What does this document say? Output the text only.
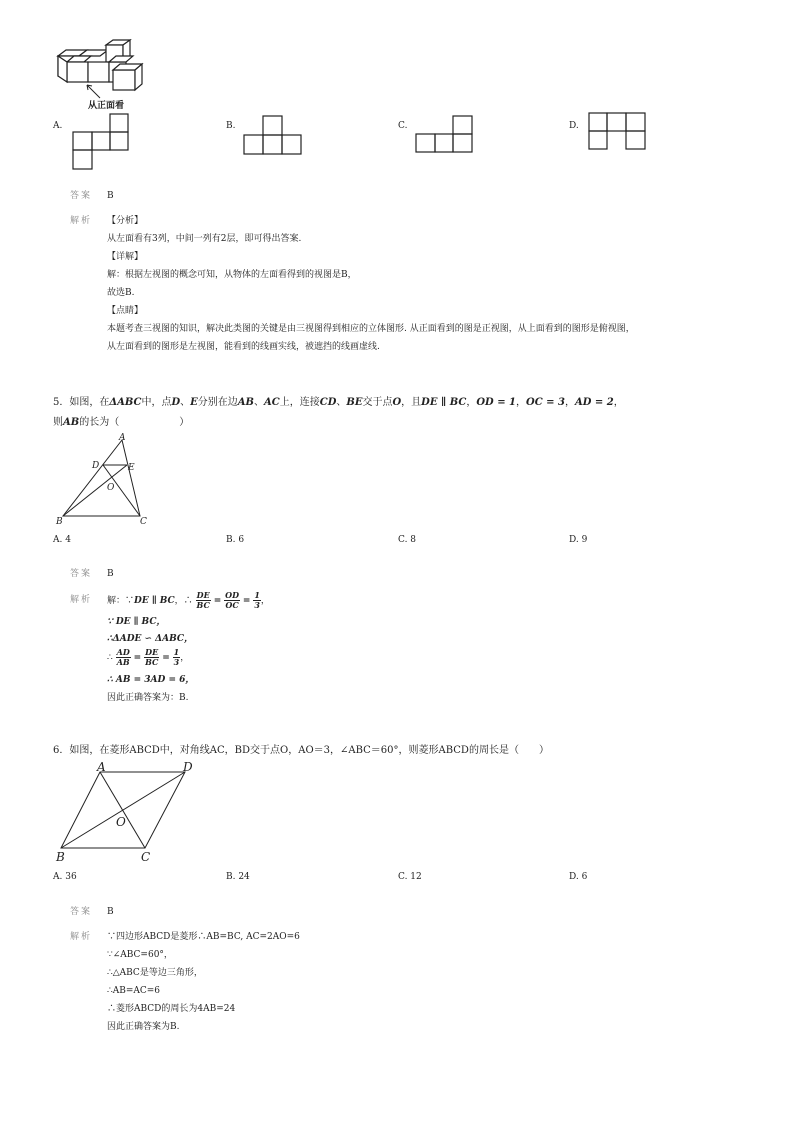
从正面看
A.	B.	C.	D.
答案 B
解析 【分析】
从左面看有3列，中间一列有2层，即可得出答案.
【详解】
解：根据左视图的概念可知，从物体的左面看得到的视图是B，
故选B.
【点睛】
本题考查三视图的知识，解决此类图的关键是由三视图得到相应的立体图形. 从正面看到的图是正视图，从上面看到的图形是俯视图，
从左面看到的图形是左视图，能看到的线画实线，被遮挡的线画虚线.
5．如图，在ΔABC中，点D、E分别在边AB、AC上，连接CD、BE交于点O，且DE ∥ BC，OD = 1，OC = 3，AD = 2，
则AB的长为（　　　　　　）
A
D	E
O
B	C
A. 4	B. 6	C. 8	D. 9
答案 B
解析 解：∵DE ∥ BC，∴ $\frac{DE}{BC} = \frac{OD}{OC} = \frac{1}{3}$ ，
∵ DE ∥ BC，
∴ΔADE ∽ ΔABC，
∴ $\frac{AD}{AB} = \frac{DE}{BC} = \frac{1}{3}$ ，
∴ AB = 3AD = 6，
因此正确答案为：B.
6．如图，在菱形ABCD中，对角线AC，BD交于点O，AO＝3，∠ABC＝60°，则菱形ABCD的周长是（　　）
A	D
O
B	C
A. 36	B. 24	C. 12	D. 6
答案 B
解析 ∵四边形ABCD是菱形∴AB=BC, AC=2AO=6
∵∠ABC=60°，
∴△ABC是等边三角形，
∴AB=AC=6
∴菱形ABCD的周长为4AB=24
因此正确答案为B.
